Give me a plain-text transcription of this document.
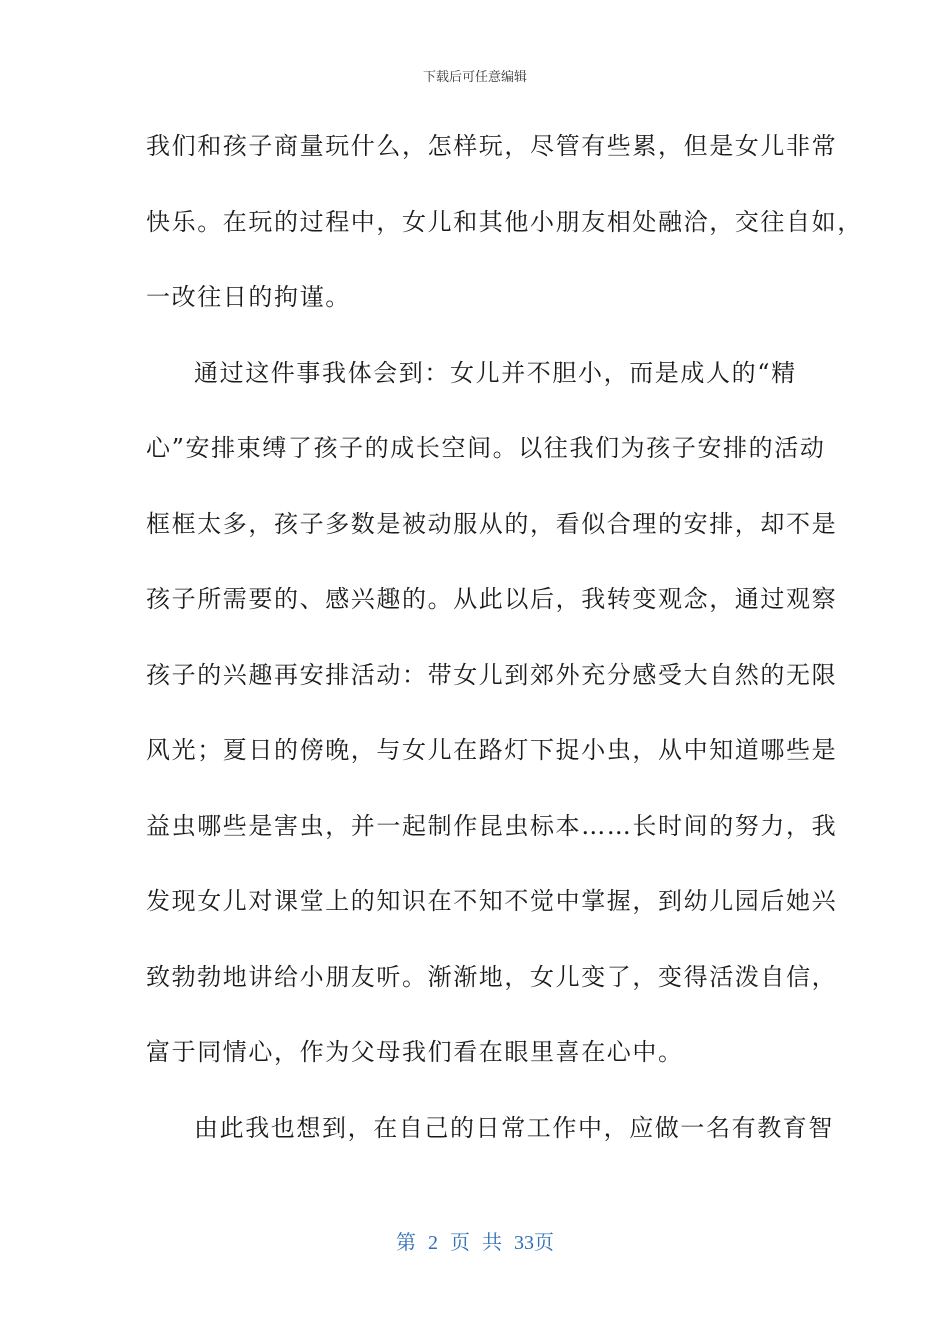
下载后可任意编辑
我们和孩子商量玩什么，怎样玩，尽管有些累，但是女儿非常
快乐。在玩的过程中，女儿和其他小朋友相处融洽，交往自如，
一改往日的拘谨。
通过这件事我体会到：女儿并不胆小，而是成人的“精
心”安排束缚了孩子的成长空间。以往我们为孩子安排的活动
框框太多，孩子多数是被动服从的，看似合理的安排，却不是
孩子所需要的、感兴趣的。从此以后，我转变观念，通过观察
孩子的兴趣再安排活动：带女儿到郊外充分感受大自然的无限
风光；夏日的傍晚，与女儿在路灯下捉小虫，从中知道哪些是
益虫哪些是害虫，并一起制作昆虫标本……长时间的努力，我
发现女儿对课堂上的知识在不知不觉中掌握，到幼儿园后她兴
致勃勃地讲给小朋友听。渐渐地，女儿变了，变得活泼自信，
富于同情心，作为父母我们看在眼里喜在心中。
由此我也想到，在自己的日常工作中，应做一名有教育智
第 2 页 共 33页
